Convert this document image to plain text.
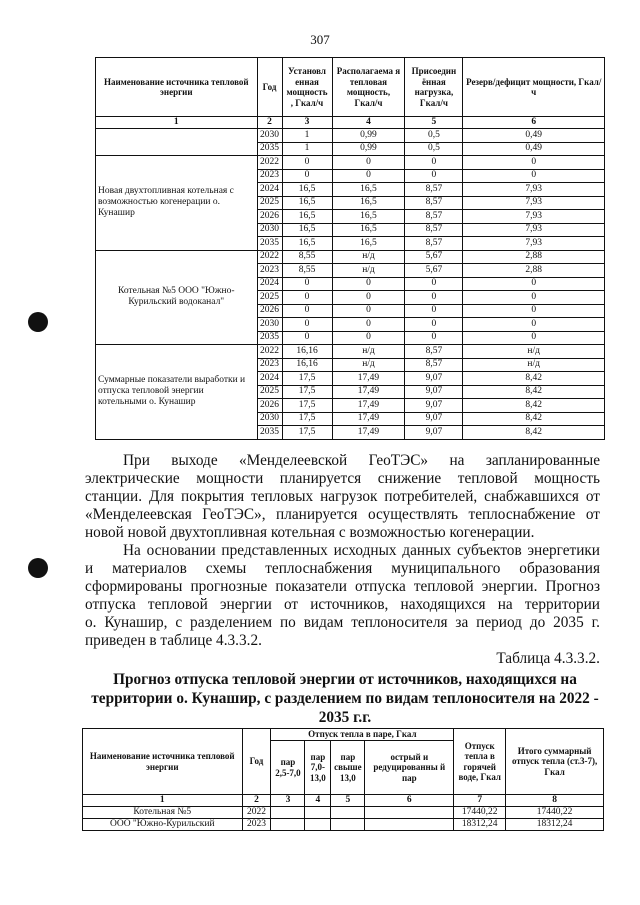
307
Наименование источника тепловой энергии	Год	Установл енная мощность , Гкал/ч	Располагаема я тепловая мощность, Гкал/ч	Присоедин ённая нагрузка, Гкал/ч	Резерв/дефицит мощности, Гкал/ч
1	2	3	4	5	6
	2030	1	0,99	0,5	0,49
	2035	1	0,99	0,5	0,49
Новая двухтопливная котельная с возможностью когенерации о. Кунашир	2022	0	0	0	0
	2023	0	0	0	0
	2024	16,5	16,5	8,57	7,93
	2025	16,5	16,5	8,57	7,93
	2026	16,5	16,5	8,57	7,93
	2030	16,5	16,5	8,57	7,93
	2035	16,5	16,5	8,57	7,93
Котельная №5 ООО "Южно-Курильский водоканал"	2022	8,55	н/д	5,67	2,88
	2023	8,55	н/д	5,67	2,88
	2024	0	0	0	0
	2025	0	0	0	0
	2026	0	0	0	0
	2030	0	0	0	0
	2035	0	0	0	0
Суммарные показатели выработки и отпуска тепловой энергии котельными о. Кунашир	2022	16,16	н/д	8,57	н/д
	2023	16,16	н/д	8,57	н/д
	2024	17,5	17,49	9,07	8,42
	2025	17,5	17,49	9,07	8,42
	2026	17,5	17,49	9,07	8,42
	2030	17,5	17,49	9,07	8,42
	2035	17,5	17,49	9,07	8,42
При выходе «Менделеевской ГеоТЭС» на запланированные
электрические мощности планируется снижение тепловой мощность
станции. Для покрытия тепловых нагрузок потребителей, снабжавшихся от
«Менделеевская ГеоТЭС», планируется осуществлять теплоснабжение от
новой новой двухтопливная котельная с возможностью когенерации.
На основании представленных исходных данных субъектов энергетики
и материалов схемы теплоснабжения муниципального образования
сформированы прогнозные показатели отпуска тепловой энергии. Прогноз
отпуска тепловой энергии от источников, находящихся на территории
о. Кунашир, с разделением по видам теплоносителя за период до 2035 г.
приведен в таблице 4.3.3.2.
Таблица 4.3.3.2.
Прогноз отпуска тепловой энергии от источников, находящихся на территории о. Кунашир, с разделением по видам теплоносителя на 2022 - 2035 г.г.
Наименование источника тепловой энергии	Год	Отпуск тепла в паре, Гкал				Отпуск тепла в горячей воде, Гкал	Итого суммарный отпуск тепла (ст.3-7), Гкал
		пар 2,5-7,0	пар 7,0- 13,0	пар свыше 13,0	острый и редуцированны й пар		
1	2	3	4	5	6	7	8
Котельная №5	2022					17440,22	17440,22
ООО "Южно-Курильский	2023					18312,24	18312,24
